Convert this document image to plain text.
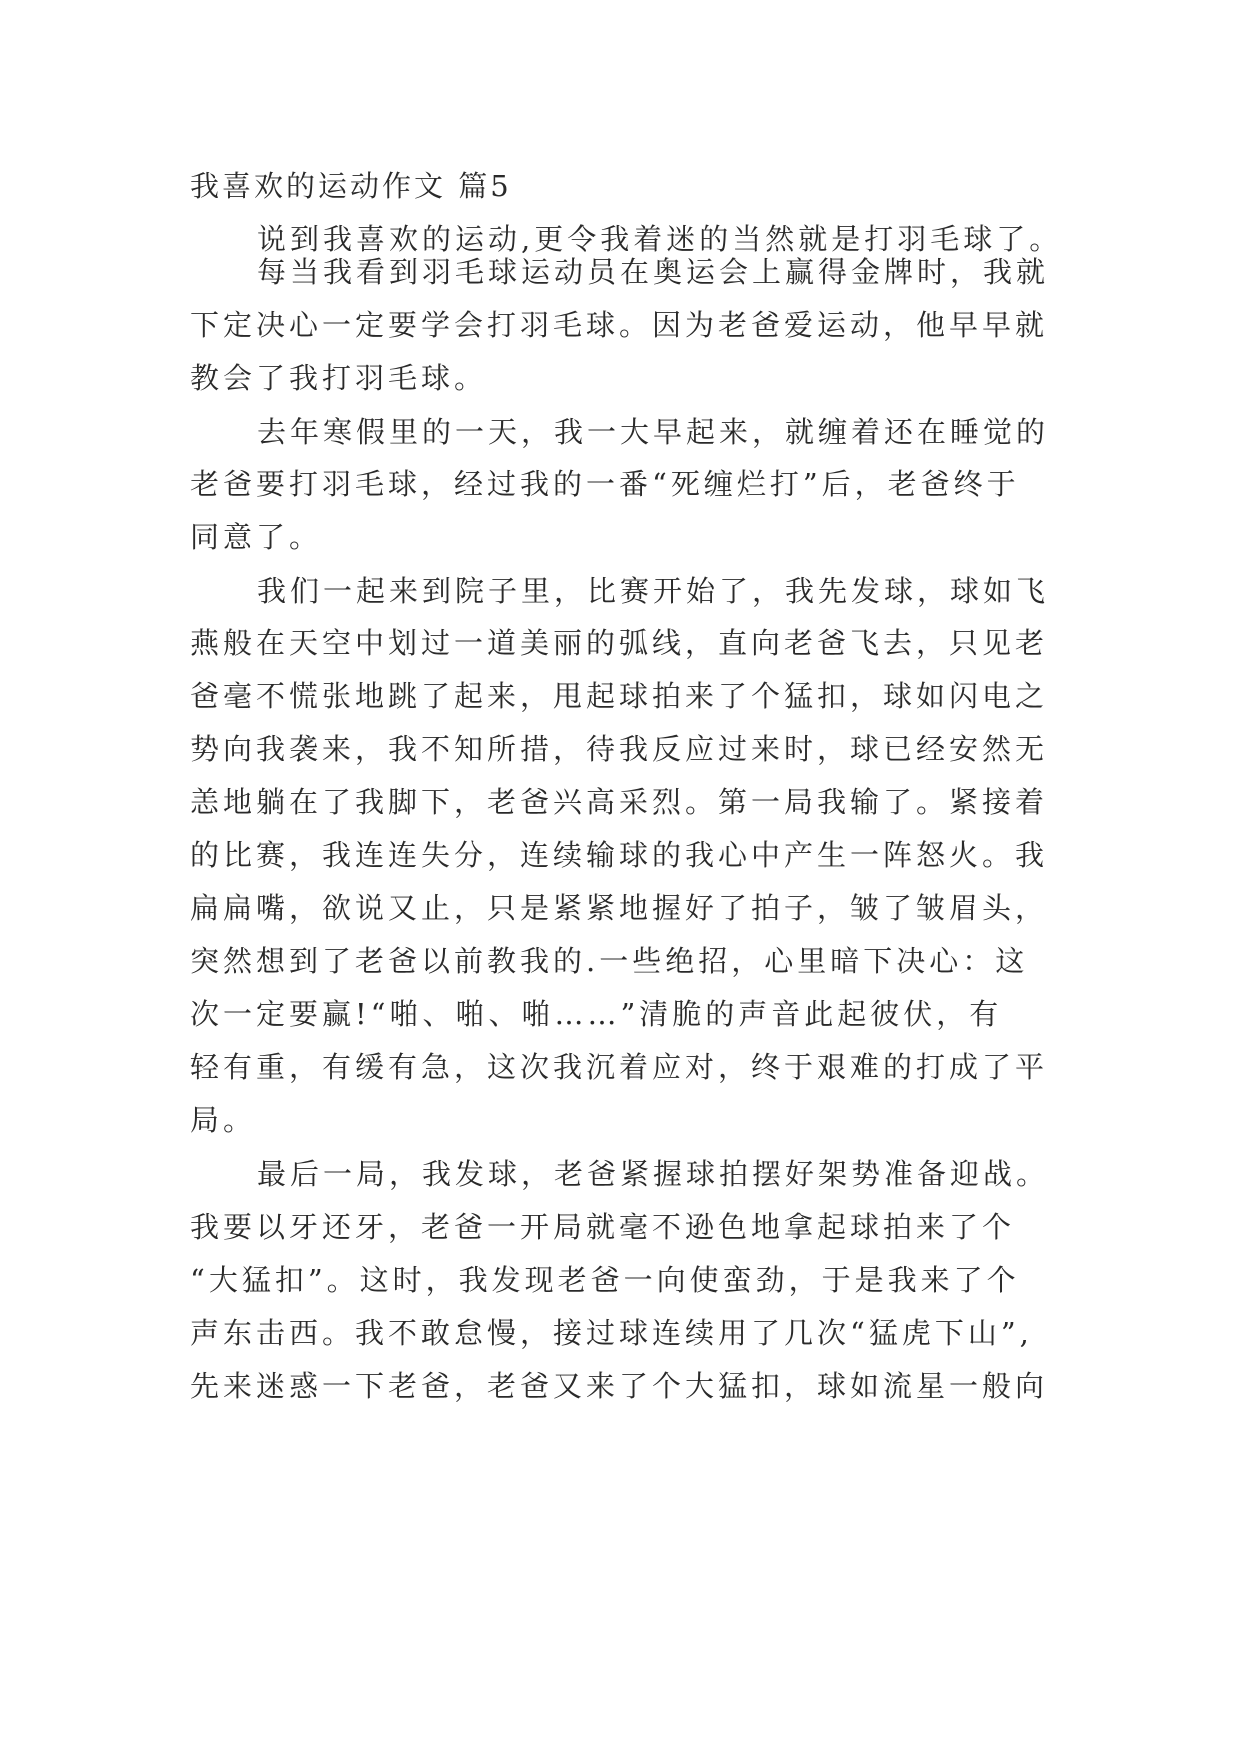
我喜欢的运动作文 篇5
说到我喜欢的运动,更令我着迷的当然就是打羽毛球了。
每当我看到羽毛球运动员在奥运会上赢得金牌时，我就
下定决心一定要学会打羽毛球。因为老爸爱运动，他早早就
教会了我打羽毛球。
去年寒假里的一天，我一大早起来，就缠着还在睡觉的
老爸要打羽毛球，经过我的一番“死缠烂打”后，老爸终于
同意了。
我们一起来到院子里，比赛开始了，我先发球，球如飞
燕般在天空中划过一道美丽的弧线，直向老爸飞去，只见老
爸毫不慌张地跳了起来，甩起球拍来了个猛扣，球如闪电之
势向我袭来，我不知所措，待我反应过来时，球已经安然无
恙地躺在了我脚下，老爸兴高采烈。第一局我输了。紧接着
的比赛，我连连失分，连续输球的我心中产生一阵怒火。我
扁扁嘴，欲说又止，只是紧紧地握好了拍子，皱了皱眉头，
突然想到了老爸以前教我的.一些绝招，心里暗下决心：这
次一定要赢!“啪、啪、啪……”清脆的声音此起彼伏，有
轻有重，有缓有急，这次我沉着应对，终于艰难的打成了平
局。
最后一局，我发球，老爸紧握球拍摆好架势准备迎战。
我要以牙还牙，老爸一开局就毫不逊色地拿起球拍来了个
“大猛扣”。这时，我发现老爸一向使蛮劲，于是我来了个
声东击西。我不敢怠慢，接过球连续用了几次“猛虎下山”,
先来迷惑一下老爸，老爸又来了个大猛扣，球如流星一般向
